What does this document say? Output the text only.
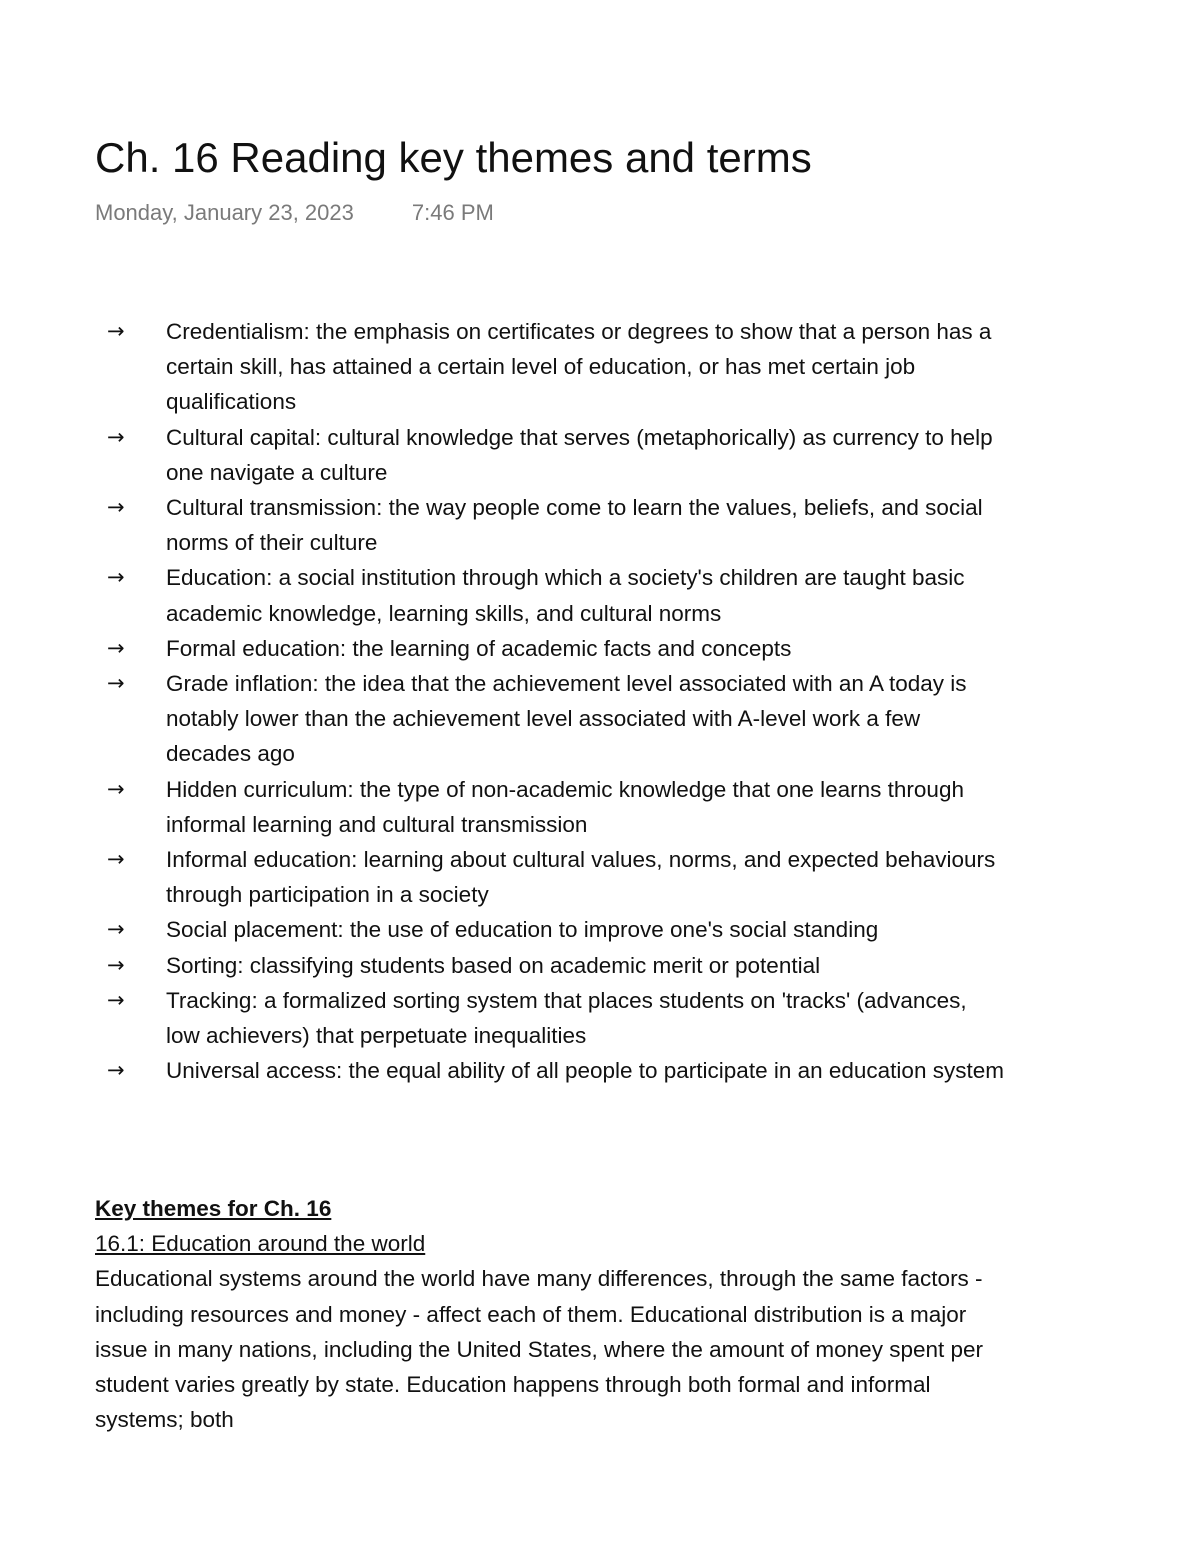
Ch. 16 Reading key themes and terms
Monday, January 23, 2023	7:46 PM
→ Credentialism: the emphasis on certificates or degrees to show that a person has a certain skill, has attained a certain level of education, or has met certain job qualifications
→ Cultural capital: cultural knowledge that serves (metaphorically) as currency to help one navigate a culture
→ Cultural transmission: the way people come to learn the values, beliefs, and social norms of their culture
→ Education: a social institution through which a society's children are taught basic academic knowledge, learning skills, and cultural norms
→ Formal education: the learning of academic facts and concepts
→ Grade inflation: the idea that the achievement level associated with an A today is notably lower than the achievement level associated with A-level work a few decades ago
→ Hidden curriculum: the type of non-academic knowledge that one learns through informal learning and cultural transmission
→ Informal education: learning about cultural values, norms, and expected behaviours through participation in a society
→ Social placement: the use of education to improve one's social standing
→ Sorting: classifying students based on academic merit or potential
→ Tracking: a formalized sorting system that places students on 'tracks' (advances, low achievers) that perpetuate inequalities
→ Universal access: the equal ability of all people to participate in an education system
Key themes for Ch. 16
16.1: Education around the world

Educational systems around the world have many differences, through the same factors - including resources and money - affect each of them. Educational distribution is a major issue in many nations, including the United States, where the amount of money spent per student varies greatly by state. Education happens through both formal and informal systems; both
